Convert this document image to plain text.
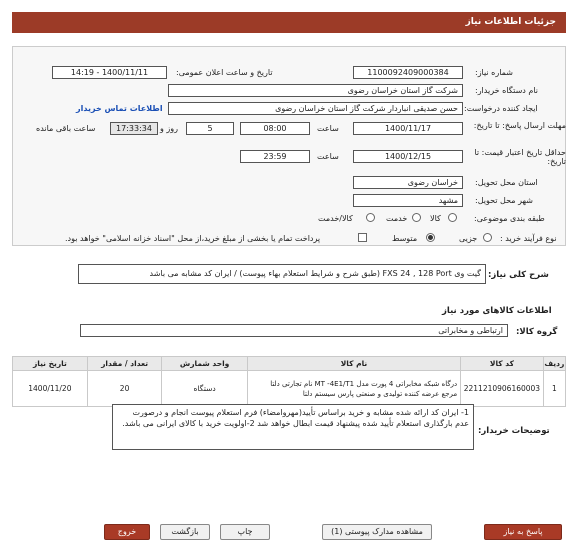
جزئیات اطلاعات نیاز
شماره نیاز:
1100092409000384
تاریخ و ساعت اعلان عمومی:
1400/11/11 - 14:19
نام دستگاه خریدار:
شرکت گاز استان خراسان رضوی
ایجاد کننده درخواست:
حسن صدیقی انباردار شرکت گاز استان خراسان رضوی
اطلاعات تماس خریدار
مهلت ارسال پاسخ: تا تاریخ:
1400/11/17
ساعت
08:00
5
روز و
17:33:34
ساعت باقی مانده
حداقل تاریخ اعتبار قیمت: تا تاریخ:
1400/12/15
ساعت
23:59
استان محل تحویل:
خراسان رضوی
شهر محل تحویل:
مشهد
طبقه بندی موضوعی:
کالا
خدمت
کالا/خدمت
نوع فرآیند خرید :
جزیی
متوسط
پرداخت تمام یا بخشی از مبلغ خرید،از محل "اسناد خزانه اسلامی" خواهد بود.
شرح کلی نیاز:
گیت وی FXS 24 , 128 Port (طبق شرح و شرایط استعلام بهاء پیوست) / ایران کد مشابه می باشد
اطلاعات کالاهای مورد نیاز
گروه کالا:
ارتباطی و مخابراتی
ردیف	کد کالا	نام کالا	واحد شمارش	تعداد / مقدار	تاریخ نیاز
1	2211210906160003	درگاه شبکه مخابراتی 4 پورت مدل MT -4E1/T1 نام تجارتی دلتا
مرجع عرضه کننده تولیدی و صنعتی پارس سیستم دلتا	دستگاه	20	1400/11/20
توضیحات خریدار:
1- ایران کد ارائه شده مشابه و خرید براساس تأیید(مهروامضاء) فرم استعلام پیوست انجام و درصورت عدم بارگذاری استعلام تأیید شده پیشنهاد قیمت ابطال خواهد شد 2-اولویت خرید با کالای ایرانی می باشد.
پاسخ به نیاز
مشاهده مدارک پیوستی (1)
چاپ
بازگشت
خروج
